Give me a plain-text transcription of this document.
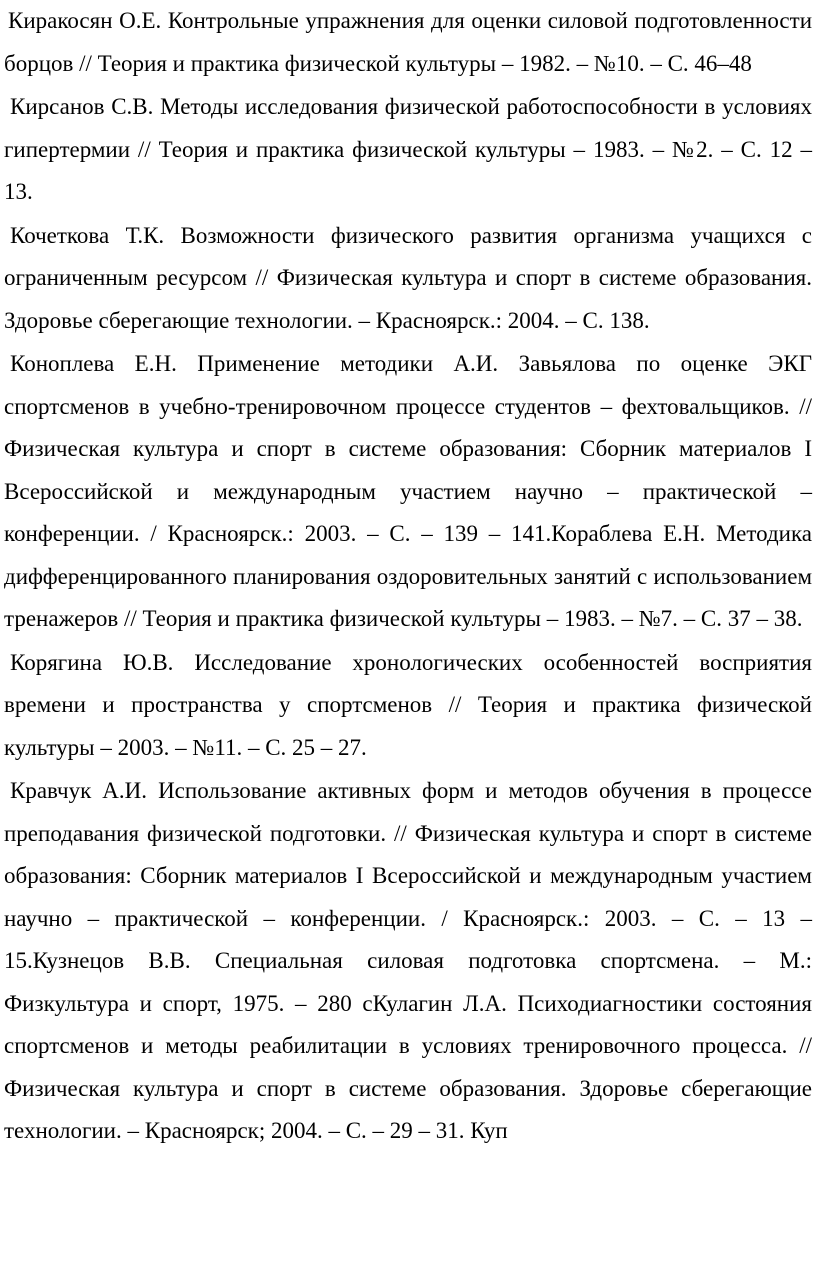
Киракосян О.Е. Контрольные упражнения для оценки силовой подготовленности борцов // Теория и практика физической культуры – 1982. – №10. – С. 46–48

Кирсанов С.В. Методы исследования физической работоспособности в условиях гипертермии // Теория и практика физической культуры – 1983. – №2. – С. 12 – 13.

Кочеткова Т.К. Возможности физического развития организма учащихся с ограниченным ресурсом // Физическая культура и спорт в системе образования. Здоровье сберегающие технологии. – Красноярск.: 2004. – С. 138.

Коноплева Е.Н. Применение методики А.И. Завьялова по оценке ЭКГ спортсменов в учебно-тренировочном процессе студентов – фехтовальщиков. // Физическая культура и спорт в системе образования: Сборник материалов I Всероссийской и международным участием научно – практической – конференции. / Красноярск.: 2003. – С. – 139 – 141.Кораблева Е.Н. Методика дифференцированного планирования оздоровительных занятий с использованием тренажеров // Теория и практика физической культуры – 1983. – №7. – С. 37 – 38.

Корягина Ю.В. Исследование хронологических особенностей восприятия времени и пространства у спортсменов // Теория и практика физической культуры – 2003. – №11. – С. 25 – 27.

Кравчук А.И. Использование активных форм и методов обучения в процессе преподавания физической подготовки. // Физическая культура и спорт в системе образования: Сборник материалов I Всероссийской и международным участием научно – практической – конференции. / Красноярск.: 2003. – С. – 13 – 15.Кузнецов В.В. Специальная силовая подготовка спортсмена. – М.: Физкультура и спорт, 1975. – 280 сКулагин Л.А. Психодиагностики состояния спортсменов и методы реабилитации в условиях тренировочного процесса. // Физическая культура и спорт в системе образования. Здоровье сберегающие технологии. – Красноярск; 2004. – С. – 29 – 31. Куп
